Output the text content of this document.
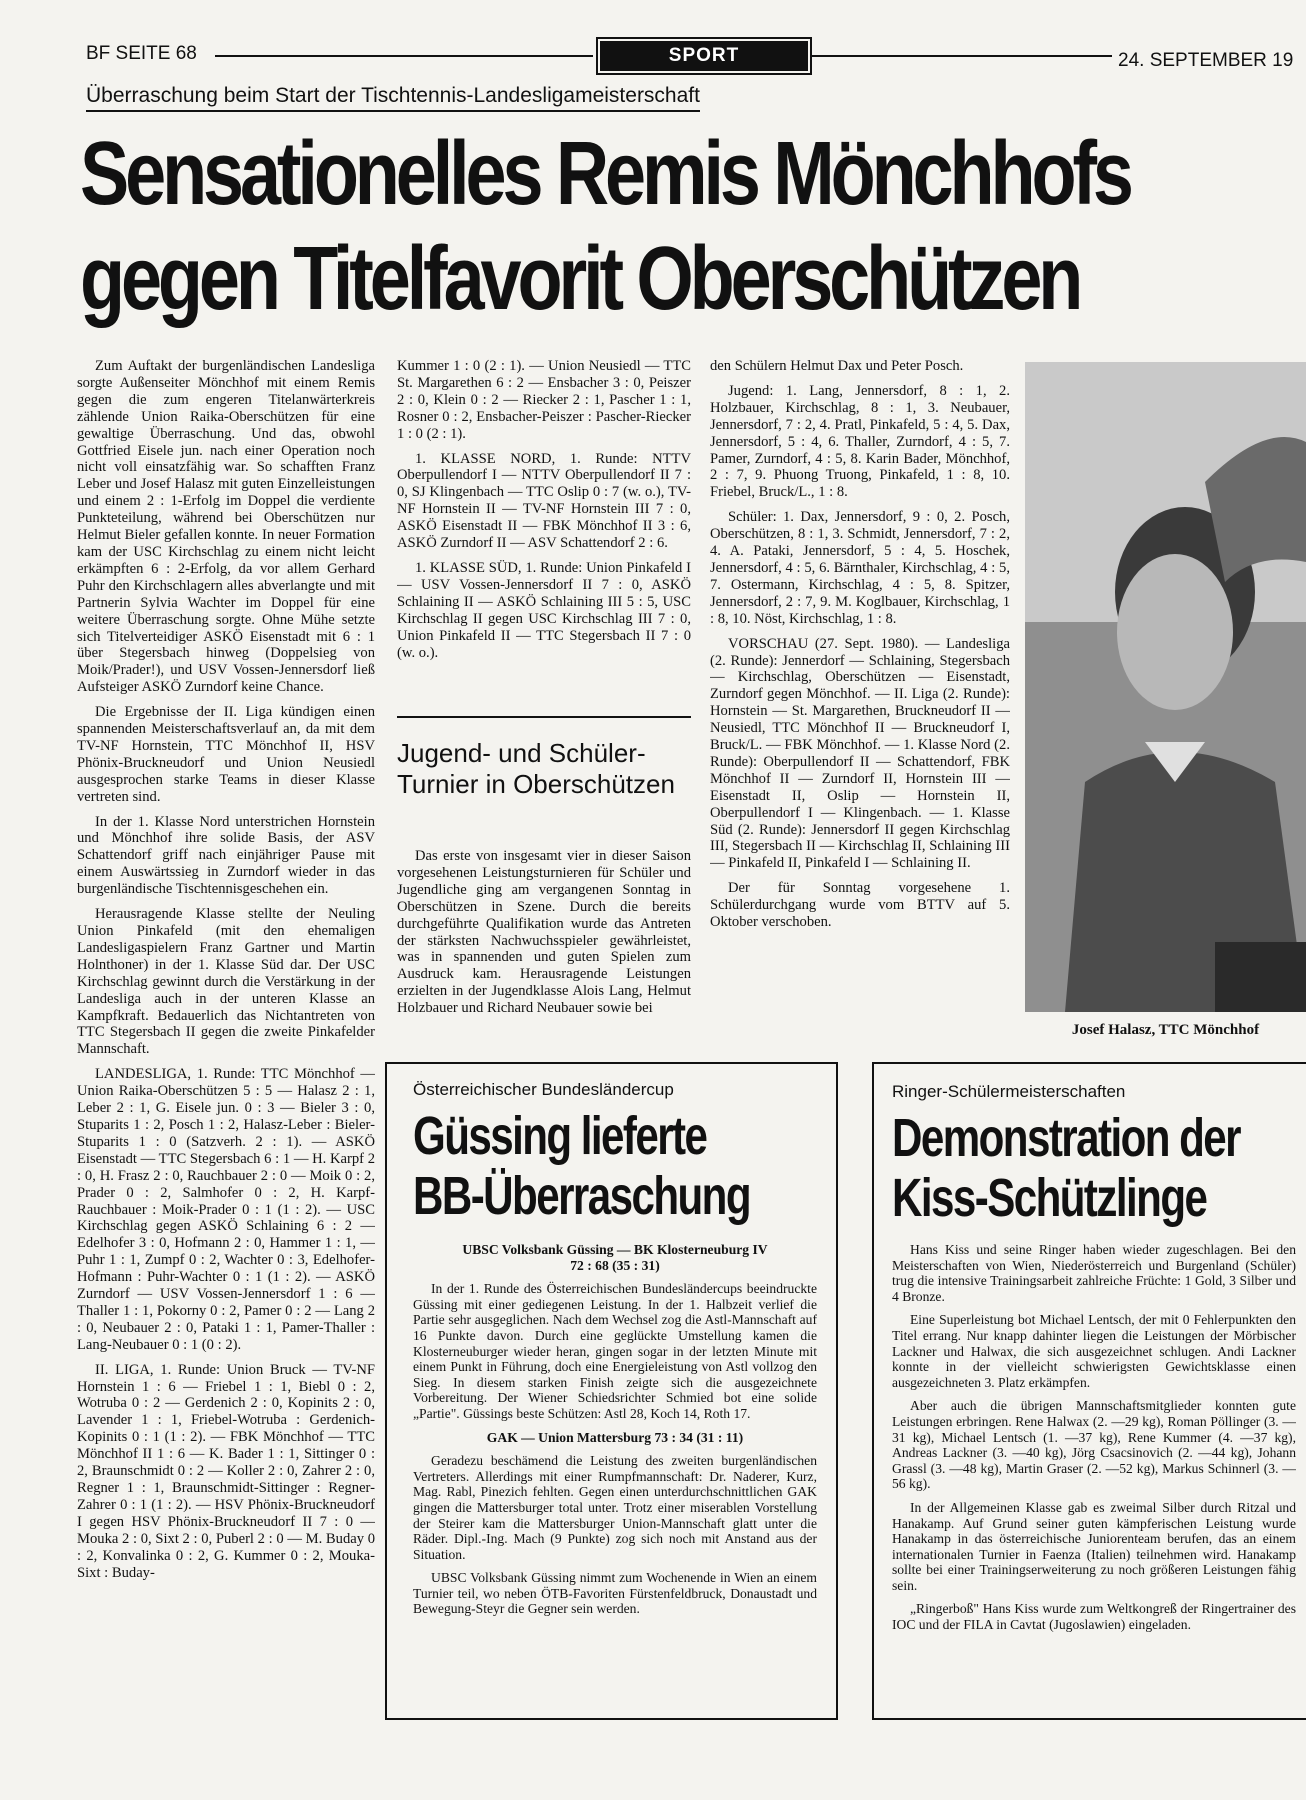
BF SEITE 68	SPORT	24. SEPTEMBER 19
Überraschung beim Start der Tischtennis-Landesligameisterschaft
Sensationelles Remis Mönchhofs
gegen Titelfavorit Oberschützen

Zum Auftakt der burgenländischen Landesliga sorgte Außenseiter Mönchhof mit einem Remis gegen die zum engeren Titelanwärterkreis zählende Union Raika-Oberschützen für eine gewaltige Überraschung. Und das, obwohl Gottfried Eisele jun. nach einer Operation noch nicht voll einsatzfähig war. So schafften Franz Leber und Josef Halasz mit guten Einzelleistungen und einem 2 : 1-Erfolg im Doppel die verdiente Punkteteilung, während bei Oberschützen nur Helmut Bieler gefallen konnte. In neuer Formation kam der USC Kirchschlag zu einem nicht leicht erkämpften 6 : 2-Erfolg, da vor allem Gerhard Puhr den Kirchschlagern alles abverlangte und mit Partnerin Sylvia Wachter im Doppel für eine weitere Überraschung sorgte. Ohne Mühe setzte sich Titelverteidiger ASKÖ Eisenstadt mit 6 : 1 über Stegersbach hinweg (Doppelsieg von Moik/Prader!), und USV Vossen-Jennersdorf ließ Aufsteiger ASKÖ Zurndorf keine Chance.

Die Ergebnisse der II. Liga kündigen einen spannenden Meisterschaftsverlauf an, da mit dem TV-NF Hornstein, TTC Mönchhof II, HSV Phönix-Bruckneudorf und Union Neusiedl ausgesprochen starke Teams in dieser Klasse vertreten sind.

In der 1. Klasse Nord unterstrichen Hornstein und Mönchhof ihre solide Basis, der ASV Schattendorf griff nach einjähriger Pause mit einem Auswärtssieg in Zurndorf wieder in das burgenländische Tischtennisgeschehen ein.

Herausragende Klasse stellte der Neuling Union Pinkafeld (mit den ehemaligen Landesligaspielern Franz Gartner und Martin Holnthoner) in der 1. Klasse Süd dar. Der USC Kirchschlag gewinnt durch die Verstärkung in der Landesliga auch in der unteren Klasse an Kampfkraft. Bedauerlich das Nichtantreten von TTC Stegersbach II gegen die zweite Pinkafelder Mannschaft.

LANDESLIGA, 1. Runde: TTC Mönchhof — Union Raika-Oberschützen 5 : 5 — Halasz 2 : 1, Leber 2 : 1, G. Eisele jun. 0 : 3 — Bieler 3 : 0, Stuparits 1 : 2, Posch 1 : 2, Halasz-Leber : Bieler-Stuparits 1 : 0 (Satzverh. 2 : 1). — ASKÖ Eisenstadt — TTC Stegersbach 6 : 1 — H. Karpf 2 : 0, H. Frasz 2 : 0, Rauchbauer 2 : 0 — Moik 0 : 2, Prader 0 : 2, Salmhofer 0 : 2, H. Karpf-Rauchbauer : Moik-Prader 0 : 1 (1 : 2). — USC Kirchschlag gegen ASKÖ Schlaining 6 : 2 — Edelhofer 3 : 0, Hofmann 2 : 0, Hammer 1 : 1, — Puhr 1 : 1, Zumpf 0 : 2, Wachter 0 : 3, Edelhofer-Hofmann : Puhr-Wachter 0 : 1 (1 : 2). — ASKÖ Zurndorf — USV Vossen-Jennersdorf 1 : 6 — Thaller 1 : 1, Pokorny 0 : 2, Pamer 0 : 2 — Lang 2 : 0, Neubauer 2 : 0, Pataki 1 : 1, Pamer-Thaller : Lang-Neubauer 0 : 1 (0 : 2).

II. LIGA, 1. Runde: Union Bruck — TV-NF Hornstein 1 : 6 — Friebel 1 : 1, Biebl 0 : 2, Wotruba 0 : 2 — Gerdenich 2 : 0, Kopinits 2 : 0, Lavender 1 : 1, Friebel-Wotruba : Gerdenich-Kopinits 0 : 1 (1 : 2). — FBK Mönchhof — TTC Mönchhof II 1 : 6 — K. Bader 1 : 1, Sittinger 0 : 2, Braunschmidt 0 : 2 — Koller 2 : 0, Zahrer 2 : 0, Regner 1 : 1, Braunschmidt-Sittinger : Regner-Zahrer 0 : 1 (1 : 2). — HSV Phönix-Bruckneudorf I gegen HSV Phönix-Bruckneudorf II 7 : 0 — Mouka 2 : 0, Sixt 2 : 0, Puberl 2 : 0 — M. Buday 0 : 2, Konvalinka 0 : 2, G. Kummer 0 : 2, Mouka-Sixt : Buday-

Kummer 1 : 0 (2 : 1). — Union Neusiedl — TTC St. Margarethen 6 : 2 — Ensbacher 3 : 0, Peiszer 2 : 0, Klein 0 : 2 — Riecker 2 : 1, Pascher 1 : 1, Rosner 0 : 2, Ensbacher-Peiszer : Pascher-Riecker 1 : 0 (2 : 1).

1. KLASSE NORD, 1. Runde: NTTV Oberpullendorf I — NTTV Oberpullendorf II 7 : 0, SJ Klingenbach — TTC Oslip 0 : 7 (w. o.), TV-NF Hornstein II — TV-NF Hornstein III 7 : 0, ASKÖ Eisenstadt II — FBK Mönchhof II 3 : 6, ASKÖ Zurndorf II — ASV Schattendorf 2 : 6.

1. KLASSE SÜD, 1. Runde: Union Pinkafeld I — USV Vossen-Jennersdorf II 7 : 0, ASKÖ Schlaining II — ASKÖ Schlaining III 5 : 5, USC Kirchschlag II gegen USC Kirchschlag III 7 : 0, Union Pinkafeld II — TTC Stegersbach II 7 : 0 (w. o.).

Jugend- und Schüler-Turnier in Oberschützen

Das erste von insgesamt vier in dieser Saison vorgesehenen Leistungsturnieren für Schüler und Jugendliche ging am vergangenen Sonntag in Oberschützen in Szene. Durch die bereits durchgeführte Qualifikation wurde das Antreten der stärksten Nachwuchsspieler gewährleistet, was in spannenden und guten Spielen zum Ausdruck kam. Herausragende Leistungen erzielten in der Jugendklasse Alois Lang, Helmut Holzbauer und Richard Neubauer sowie bei

den Schülern Helmut Dax und Peter Posch.

Jugend: 1. Lang, Jennersdorf, 8 : 1, 2. Holzbauer, Kirchschlag, 8 : 1, 3. Neubauer, Jennersdorf, 7 : 2, 4. Pratl, Pinkafeld, 5 : 4, 5. Dax, Jennersdorf, 5 : 4, 6. Thaller, Zurndorf, 4 : 5, 7. Pamer, Zurndorf, 4 : 5, 8. Karin Bader, Mönchhof, 2 : 7, 9. Phuong Truong, Pinkafeld, 1 : 8, 10. Friebel, Bruck/L., 1 : 8.

Schüler: 1. Dax, Jennersdorf, 9 : 0, 2. Posch, Oberschützen, 8 : 1, 3. Schmidt, Jennersdorf, 7 : 2, 4. A. Pataki, Jennersdorf, 5 : 4, 5. Hoschek, Jennersdorf, 4 : 5, 6. Bärnthaler, Kirchschlag, 4 : 5, 7. Ostermann, Kirchschlag, 4 : 5, 8. Spitzer, Jennersdorf, 2 : 7, 9. M. Koglbauer, Kirchschlag, 1 : 8, 10. Nöst, Kirchschlag, 1 : 8.

VORSCHAU (27. Sept. 1980). — Landesliga (2. Runde): Jennerdorf — Schlaining, Stegersbach — Kirchschlag, Oberschützen — Eisenstadt, Zurndorf gegen Mönchhof. — II. Liga (2. Runde): Hornstein — St. Margarethen, Bruckneudorf II — Neusiedl, TTC Mönchhof II — Bruckneudorf I, Bruck/L. — FBK Mönchhof. — 1. Klasse Nord (2. Runde): Oberpullendorf II — Schattendorf, FBK Mönchhof II — Zurndorf II, Hornstein III — Eisenstadt II, Oslip — Hornstein II, Oberpullendorf I — Klingenbach. — 1. Klasse Süd (2. Runde): Jennersdorf II gegen Kirchschlag III, Stegersbach II — Kirchschlag II, Schlaining III — Pinkafeld II, Pinkafeld I — Schlaining II.

Der für Sonntag vorgesehene 1. Schülerdurchgang wurde vom BTTV auf 5. Oktober verschoben.

Josef Halasz, TTC Mönchhof
Österreichischer Bundesländercup
Güssing lieferte
BB-Überraschung

UBSC Volksbank Güssing — BK Klosterneuburg IV

72 : 68 (35 : 31)

In der 1. Runde des Österreichischen Bundesländercups beeindruckte Güssing mit einer gediegenen Leistung. In der 1. Halbzeit verlief die Partie sehr ausgeglichen. Nach dem Wechsel zog die Astl-Mannschaft auf 16 Punkte davon. Durch eine geglückte Umstellung kamen die Klosterneuburger wieder heran, gingen sogar in der letzten Minute mit einem Punkt in Führung, doch eine Energieleistung von Astl vollzog den Sieg. In diesem starken Finish zeigte sich die ausgezeichnete Vorbereitung. Der Wiener Schiedsrichter Schmied bot eine solide „Partie". Güssings beste Schützen: Astl 28, Koch 14, Roth 17.

GAK — Union Mattersburg 73 : 34 (31 : 11)

Geradezu beschämend die Leistung des zweiten burgenländischen Vertreters. Allerdings mit einer Rumpfmannschaft: Dr. Naderer, Kurz, Mag. Rabl, Pinezich fehlten. Gegen einen unterdurchschnittlichen GAK gingen die Mattersburger total unter. Trotz einer miserablen Vorstellung der Steirer kam die Mattersburger Union-Mannschaft glatt unter die Räder. Dipl.-Ing. Mach (9 Punkte) zog sich noch mit Anstand aus der Situation.

UBSC Volksbank Güssing nimmt zum Wochenende in Wien an einem Turnier teil, wo neben ÖTB-Favoriten Fürstenfeldbruck, Donaustadt und Bewegung-Steyr die Gegner sein werden.

Ringer-Schülermeisterschaften
Demonstration der
Kiss-Schützlinge

Hans Kiss und seine Ringer haben wieder zugeschlagen. Bei den Meisterschaften von Wien, Niederösterreich und Burgenland (Schüler) trug die intensive Trainingsarbeit zahlreiche Früchte: 1 Gold, 3 Silber und 4 Bronze.

Eine Superleistung bot Michael Lentsch, der mit 0 Fehlerpunkten den Titel errang. Nur knapp dahinter liegen die Leistungen der Mörbischer Lackner und Halwax, die sich ausgezeichnet schlugen. Andi Lackner konnte in der vielleicht schwierigsten Gewichtsklasse einen ausgezeichneten 3. Platz erkämpfen.

Aber auch die übrigen Mannschaftsmitglieder konnten gute Leistungen erbringen. Rene Halwax (2. —29 kg), Roman Pöllinger (3. —31 kg), Michael Lentsch (1. —37 kg), Rene Kummer (4. —37 kg), Andreas Lackner (3. —40 kg), Jörg Csacsinovich (2. —44 kg), Johann Grassl (3. —48 kg), Martin Graser (2. —52 kg), Markus Schinnerl (3. —56 kg).

In der Allgemeinen Klasse gab es zweimal Silber durch Ritzal und Hanakamp. Auf Grund seiner guten kämpferischen Leistung wurde Hanakamp in das österreichische Juniorenteam berufen, das an einem internationalen Turnier in Faenza (Italien) teilnehmen wird. Hanakamp sollte bei einer Trainingserweiterung zu noch größeren Leistungen fähig sein.

„Ringerboß" Hans Kiss wurde zum Weltkongreß der Ringertrainer des IOC und der FILA in Cavtat (Jugoslawien) eingeladen.
